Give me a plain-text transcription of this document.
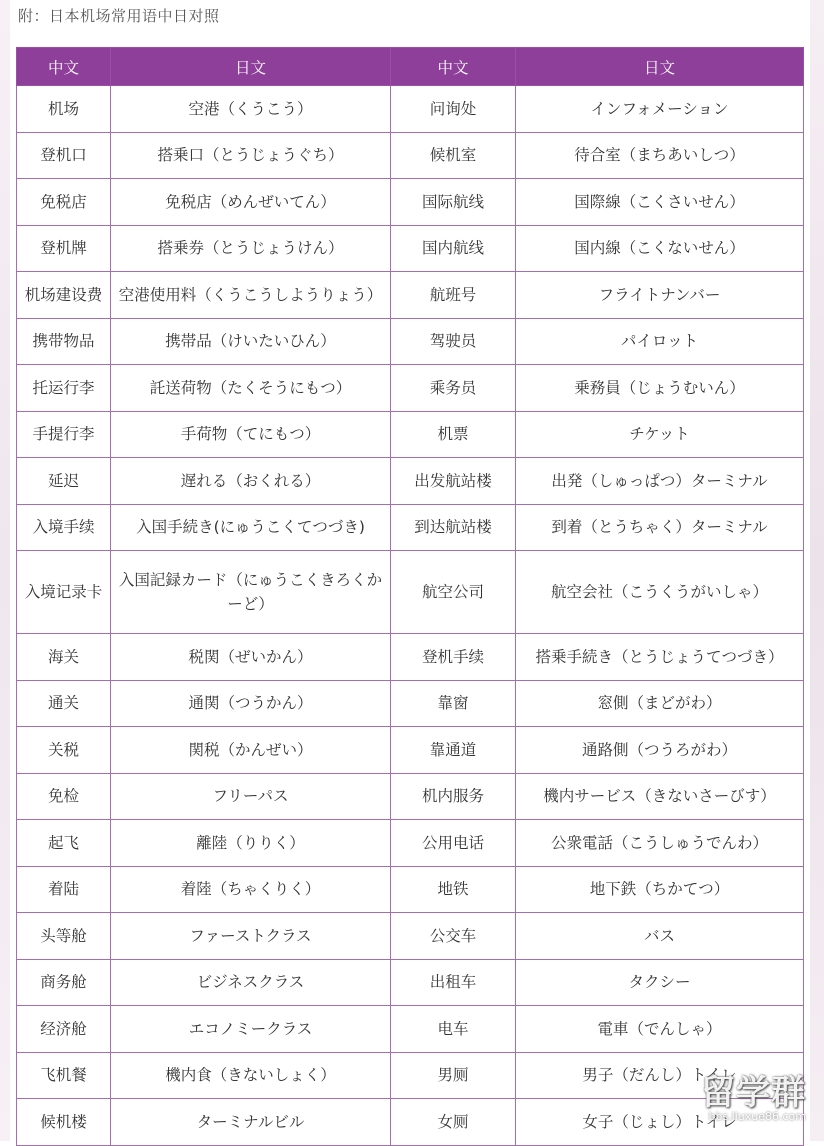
附：日本机场常用语中日对照
中文	日文	中文	日文
机场	空港（くうこう）	问询处	インフォメーション
登机口	搭乗口（とうじょうぐち）	候机室	待合室（まちあいしつ）
免税店	免税店（めんぜいてん）	国际航线	国際線（こくさいせん）
登机牌	搭乗券（とうじょうけん）	国内航线	国内線（こくないせん）
机场建设费	空港使用料（くうこうしようりょう）	航班号	フライトナンバー
携带物品	携帯品（けいたいひん）	驾驶员	パイロット
托运行李	託送荷物（たくそうにもつ）	乘务员	乗務員（じょうむいん）
手提行李	手荷物（てにもつ）	机票	チケット
延迟	遅れる（おくれる）	出发航站楼	出発（しゅっぱつ）ターミナル
入境手续	入国手続き(にゅうこくてつづき)	到达航站楼	到着（とうちゃく）ターミナル
入境记录卡	入国記録カード（にゅうこくきろくかーど）	航空公司	航空会社（こうくうがいしゃ）
海关	税関（ぜいかん）	登机手续	搭乗手続き（とうじょうてつづき）
通关	通関（つうかん）	靠窗	窓側（まどがわ）
关税	関税（かんぜい）	靠通道	通路側（つうろがわ）
免检	フリーパス	机内服务	機内サービス（きないさーびす）
起飞	離陸（りりく）	公用电话	公衆電話（こうしゅうでんわ）
着陆	着陸（ちゃくりく）	地铁	地下鉄（ちかてつ）
头等舱	ファーストクラス	公交车	バス
商务舱	ビジネスクラス	出租车	タクシー
经济舱	エコノミークラス	电车	電車（でんしゃ）
飞机餐	機内食（きないしょく）	男厕	男子（だんし）トイレ
候机楼	ターミナルビル	女厕	女子（じょし）トイレ
留学群
bbs.liuxue86.com
